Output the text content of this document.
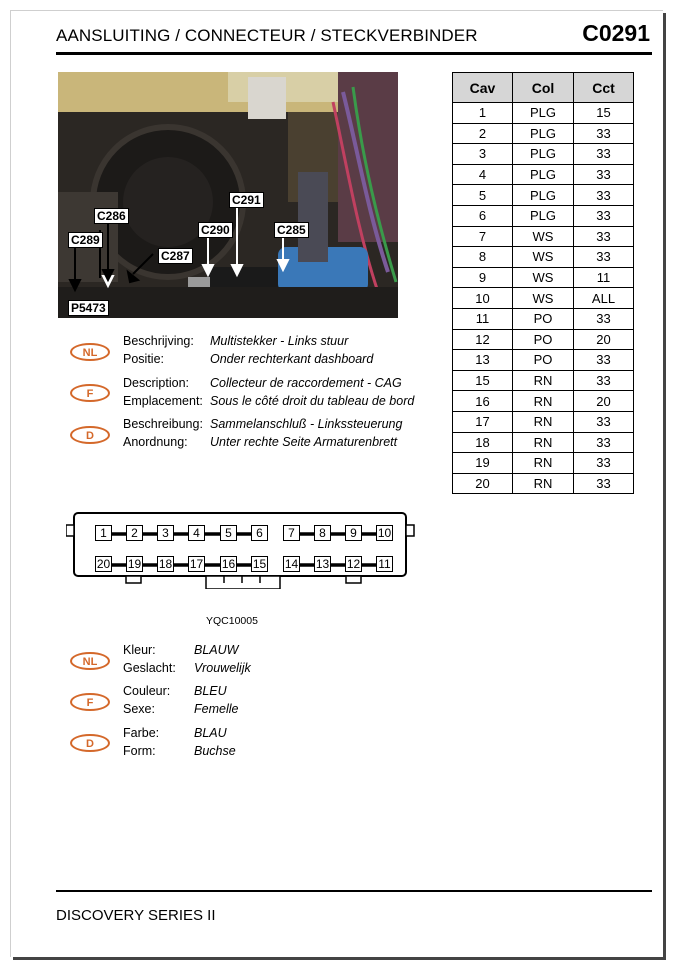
AANSLUITING / CONNECTEUR / STECKVERBINDER	C0291
C291
C286
C290	C285
C289
C287
P5473
NL
Beschrijving: Multistekker - Links stuur
Positie:	Onder rechterkant dashboard
F
Description: Collecteur de raccordement - CAG
Emplacement: Sous le côté droit du tableau de bord
D
Beschreibung: Sammelanschluß - Linkssteuerung
Anordnung: Unter rechte Seite Armaturenbrett
Cav	Col	Cct
1	PLG	15
2	PLG	33
3	PLG	33
4	PLG	33
5	PLG	33
6	PLG	33
7	WS	33
8	WS	33
9	WS	11
10	WS	ALL
11	PO	33
12	PO	20
13	PO	33
15	RN	33
16	RN	20
17	RN	33
18	RN	33
19	RN	33
20	RN	33
1	2	3	4	5	6	7	8	9	10
20 19 18 17 16 15 14 13 12 11
YQC10005
NL
Kleur:	BLAUW
Geslacht: Vrouwelijk
F
Couleur: BLEU
Sexe:	Femelle
D
Farbe:	BLAU
Form:	Buchse
DISCOVERY SERIES II
